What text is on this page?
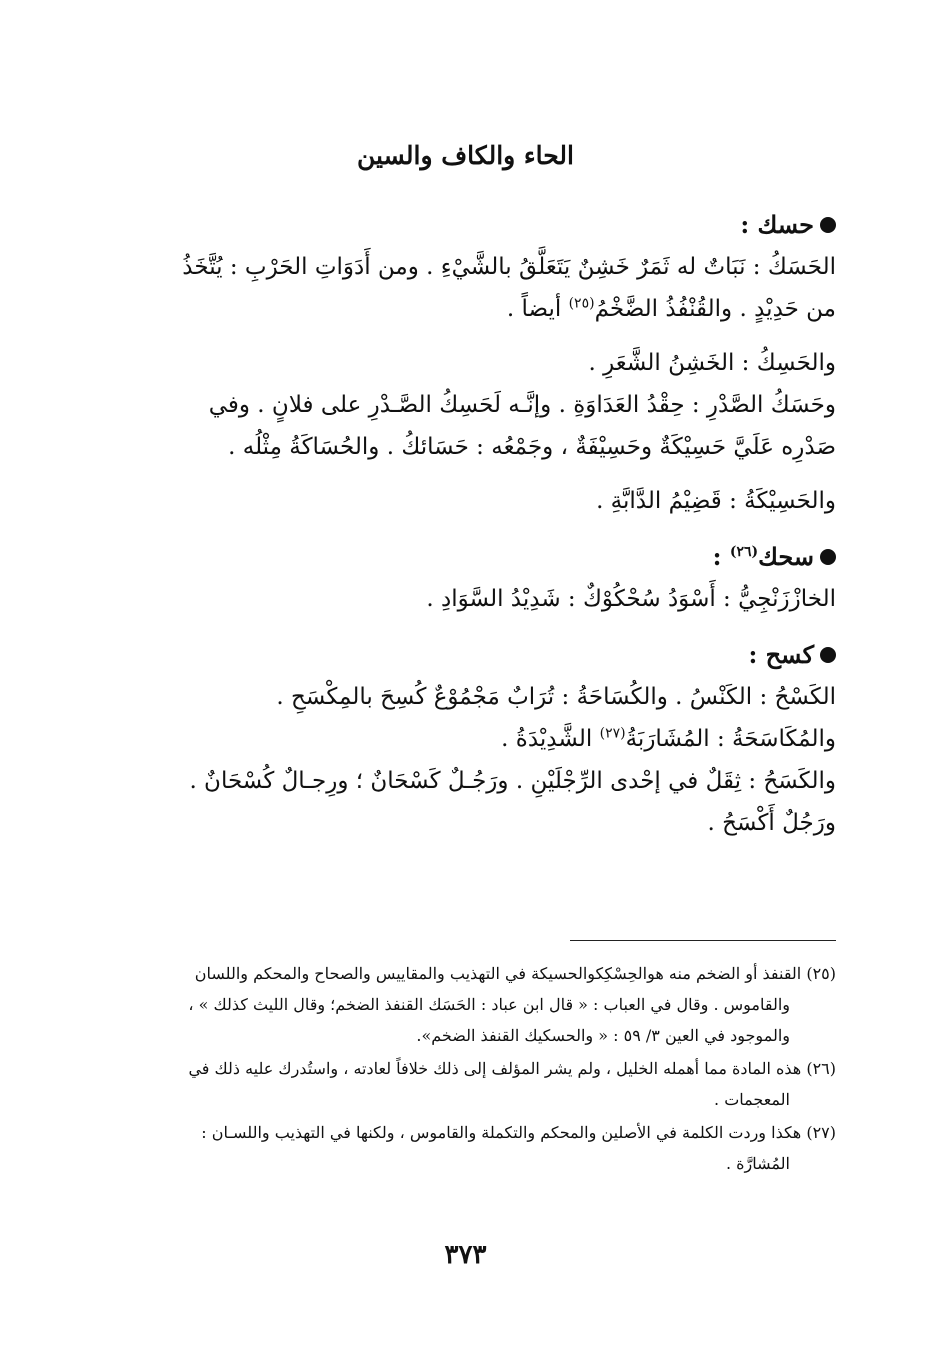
الحاء والكاف والسين
حسك :
الحَسَكُ : نَبَاتٌ له ثَمَرٌ خَشِنٌ يَتَعَلَّقُ بالشَّيْءِ . ومن أَدَوَاتِ الحَرْبِ : يُتَّخَذُ
من حَدِيْدٍ . والقُنْفُذُ الضَّخْمُ$^{(٢٥)}$ أيضاً .
والحَسِكُ : الخَشِنُ الشَّعَرِ .
وحَسَكُ الصَّدْرِ : حِقْدُ العَدَاوَةِ . وإنَّـه لَحَسِكُ الصَّـدْرِ على فلانٍ . وفي
صَدْرِه عَلَيَّ حَسِيْكَةٌ وحَسِيْفَةٌ ، وجَمْعُه : حَسَائكُ . والحُسَاكَةُ مِثْلُه .
والحَسِيْكَةُ : قَضِيْمُ الدَّابَّةِ .
سحك$^{(٢٦)}$ :
الخازْزَنْجِيُّ : أَسْوَدُ سُحْكُوْكٌ : شَدِيْدُ السَّوَادِ .
كسح :
الكَسْحُ : الكَنْسُ . والكُسَاحَةُ : تُرَابٌ مَجْمُوْعٌ كُسِحَ بالمِكْسَحِ .
والمُكَاسَحَةُ : المُشَارَبَةُ$^{(٢٧)}$ الشَّدِيْدَةُ .
والكَسَحُ : ثِقَلٌ في إحْدى الرِّجْلَيْنِ . ورَجُـلٌ كَسْحَانٌ ؛ ورِجـالٌ كُسْحَانٌ .
ورَجُلٌ أَكْسَحُ .
(٢٥) القنفذ أو الضخم منه هوالحِسْكِكوالحسيكة في التهذيب والمقاييس والصحاح والمحكم واللسان
والقاموس . وقال في العباب : « قال ابن عباد : الحَسَك القنفذ الضخم؛ وقال الليث كذلك » ،
والموجود في العين ٣/ ٥٩ : « والحسكيك القنفذ الضخم».
(٢٦) هذه المادة مما أهمله الخليل ، ولم يشر المؤلف إلى ذلك خلافاً لعادته ، واستُدرك عليه ذلك في
المعجمات .
(٢٧) هكذا وردت الكلمة في الأصلين والمحكم والتكملة والقاموس ، ولكنها في التهذيب واللسـان :
المُشارَّة .
٣٧٣
